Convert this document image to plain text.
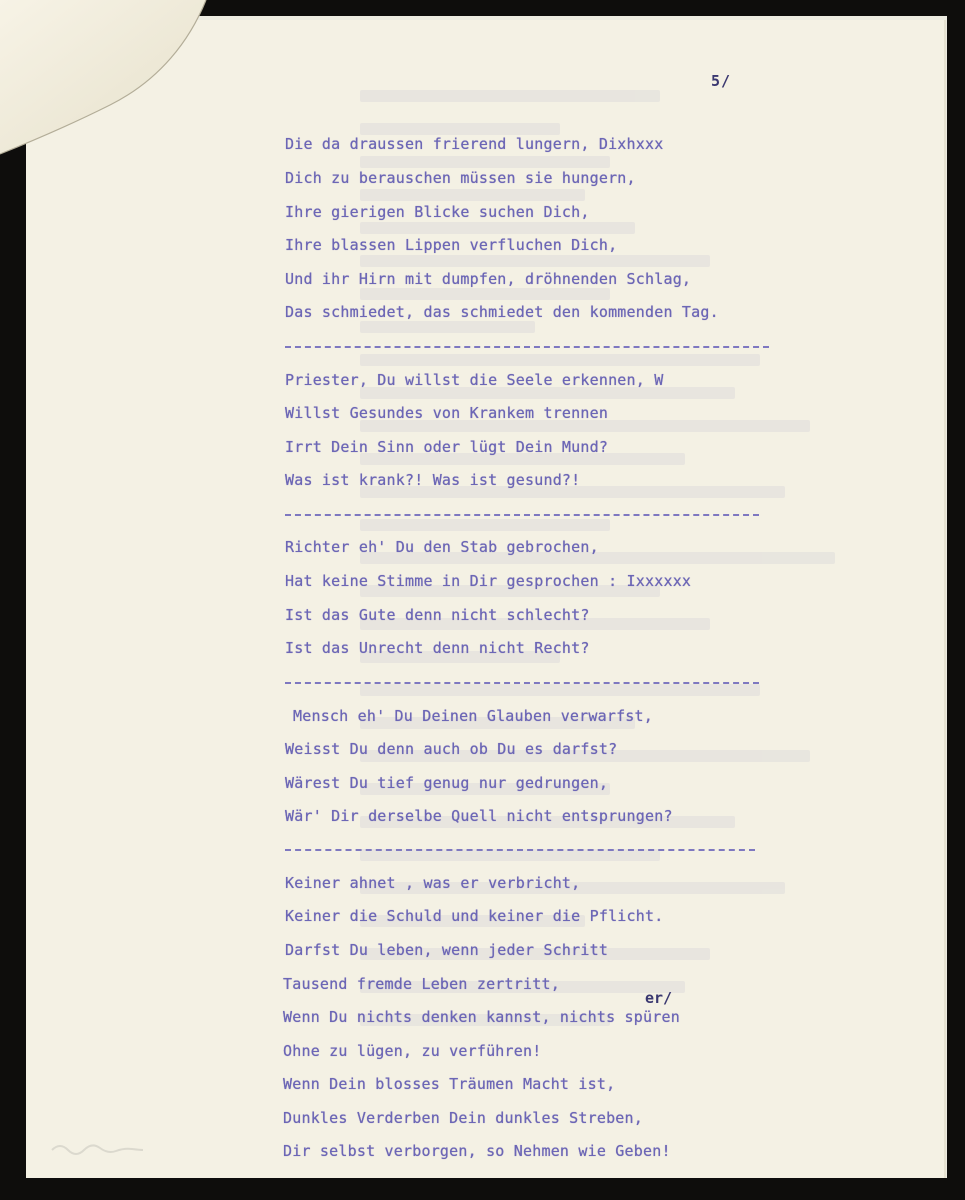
5/
er/
Die da draussen frierend lungern, Dixhxxx
Dich zu berauschen müssen sie hungern,
Ihre gierigen Blicke suchen Dich,
Ihre blassen Lippen verfluchen Dich,
Und ihr Hirn mit dumpfen, dröhnenden Schlag,
Das schmiedet, das schmiedet den kommenden Tag.
Priester, Du willst die Seele erkennen, W
Willst Gesundes von Krankem trennen
Irrt Dein Sinn oder lügt Dein Mund?
Was ist krank?! Was ist gesund?!
Richter eh' Du den Stab gebrochen,
Hat keine Stimme in Dir gesprochen : Ixxxxxx
Ist das Gute denn nicht schlecht?
Ist das Unrecht denn nicht Recht?
Mensch eh' Du Deinen Glauben verwarfst,
Weisst Du denn auch ob Du es darfst?
Wärest Du tief genug nur gedrungen,
Wär' Dir derselbe Quell nicht entsprungen?
Keiner ahnet , was er verbricht,
Keiner die Schuld und keiner die Pflicht.
Darfst Du leben, wenn jeder Schritt
Tausend fremde Leben zertritt,
Wenn Du nichts denken kannst, nichts spüren
Ohne zu lügen, zu verführen!
Wenn Dein blosses Träumen Macht ist,
Dunkles Verderben Dein dunkles Streben,
Dir selbst verborgen, so Nehmen wie Geben!
